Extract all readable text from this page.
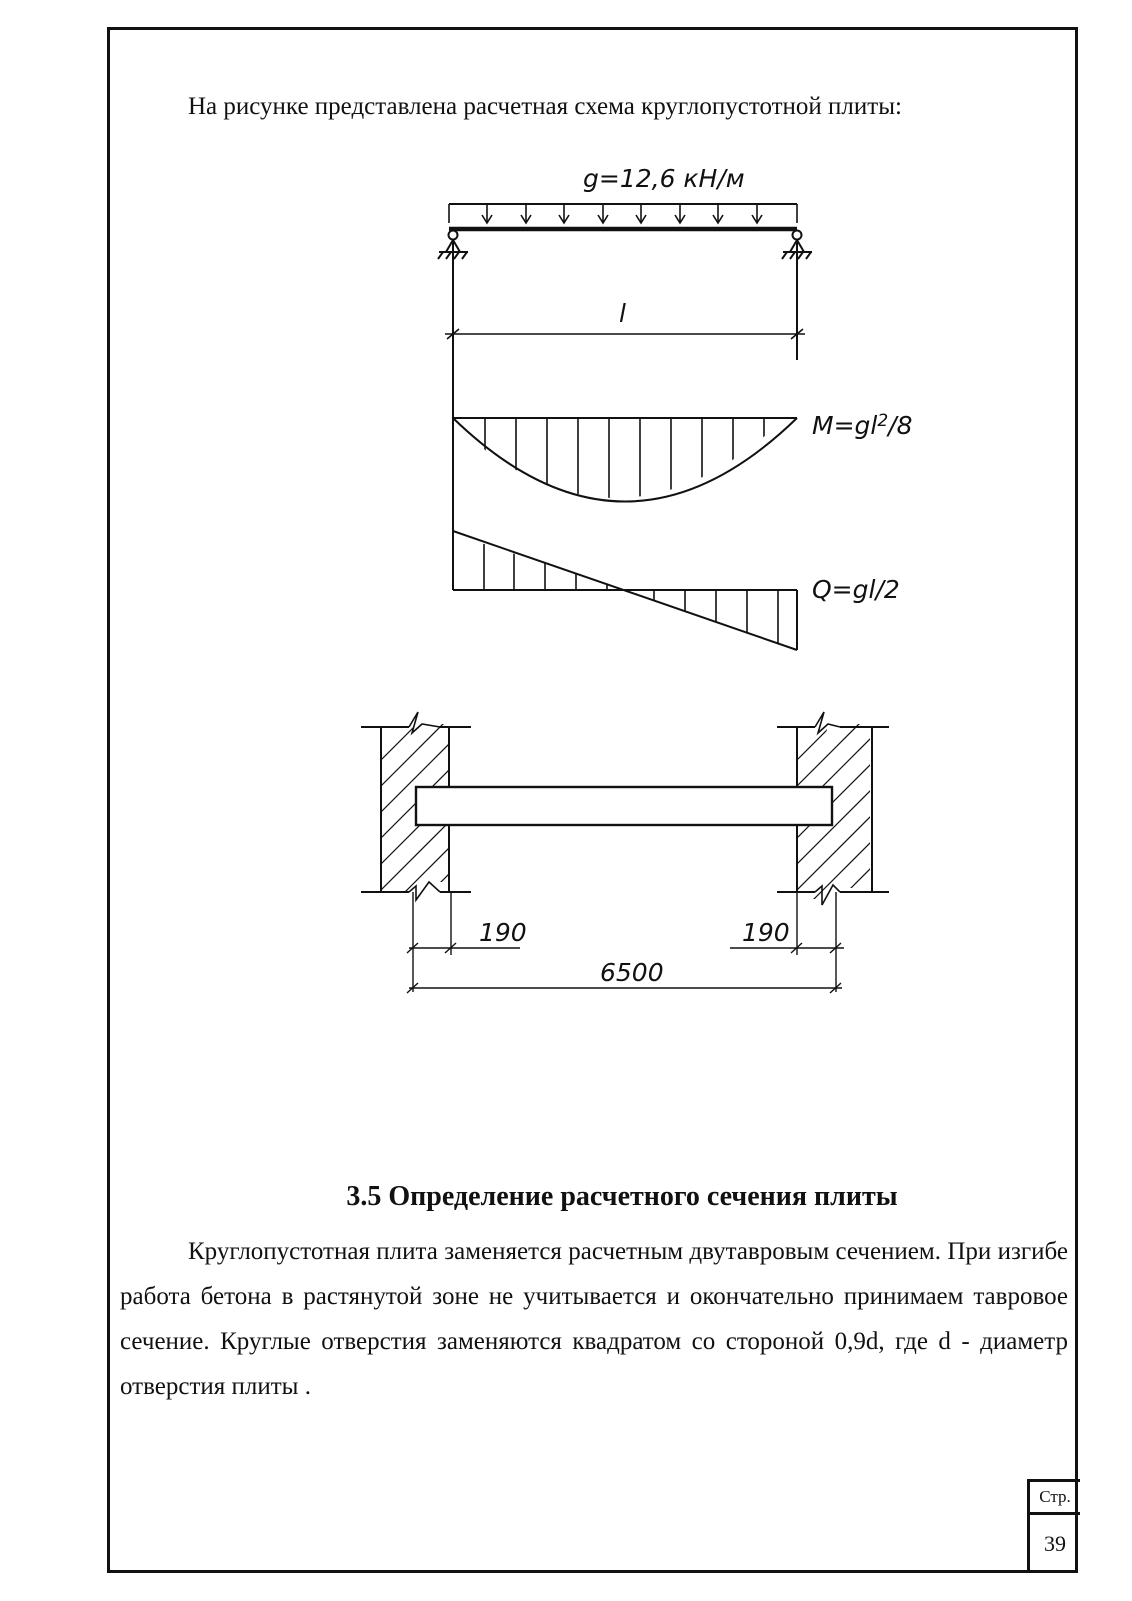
На рисунке представлена расчетная схема круглопустотной плиты:
g=12,6 кН/м
l
$M=gl^2/8$
Q=gl/2
190	190
6500
3.5 Определение расчетного сечения плиты

Круглопустотная плита заменяется расчетным двутавровым сечением. При изгибе работа бетона в растянутой зоне не учитывается и окончательно принимаем тавровое сечение. Круглые отверстия заменяются квадратом со стороной 0,9d, где d - диаметр отверстия плиты .

Стр.
39
